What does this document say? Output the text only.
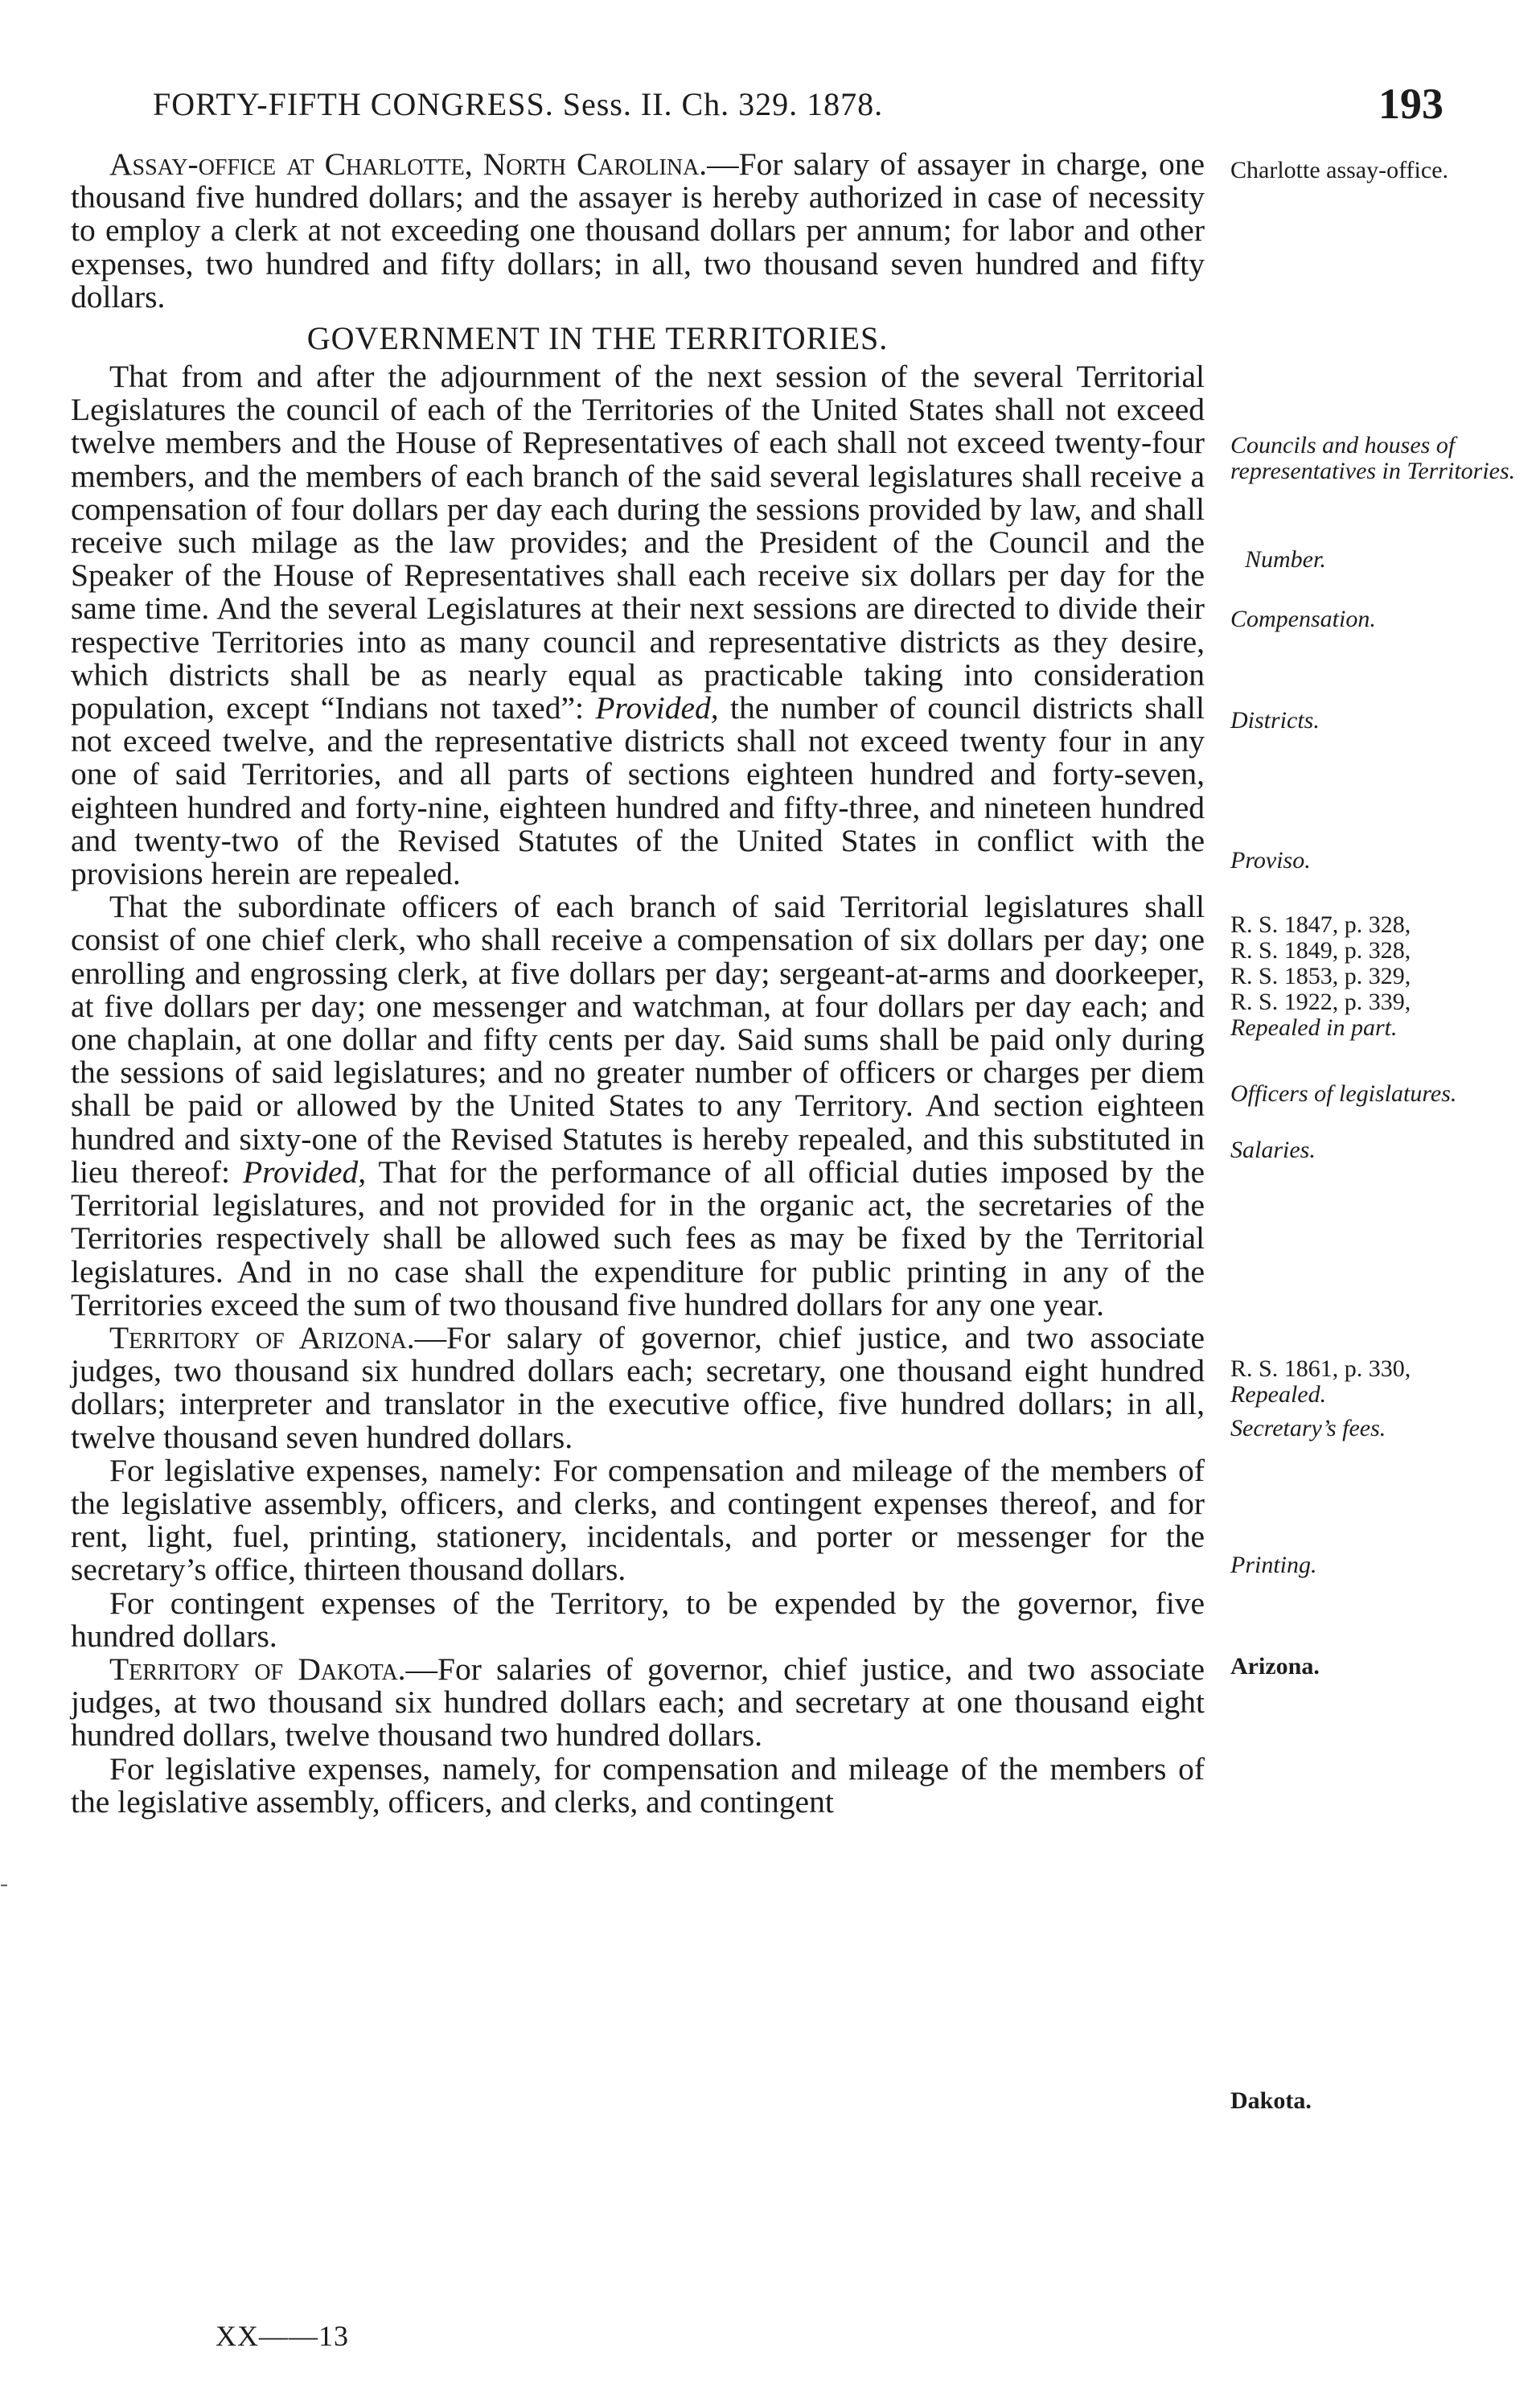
FORTY-FIFTH CONGRESS. Sess. II. Ch. 329. 1878.	193

Assay-office at Charlotte, North Carolina.—For salary of assayer in charge, one thousand five hundred dollars; and the assayer is hereby authorized in case of necessity to employ a clerk at not exceeding one thousand dollars per annum; for labor and other expenses, two hundred and fifty dollars; in all, two thousand seven hundred and fifty dollars.

GOVERNMENT IN THE TERRITORIES.

That from and after the adjournment of the next session of the several Territorial Legislatures the council of each of the Territories of the United States shall not exceed twelve members and the House of Representatives of each shall not exceed twenty-four members, and the members of each branch of the said several legislatures shall receive a compensation of four dollars per day each during the sessions provided by law, and shall receive such milage as the law provides; and the President of the Council and the Speaker of the House of Representatives shall each receive six dollars per day for the same time. And the several Legislatures at their next sessions are directed to divide their respective Territories into as many council and representative districts as they desire, which districts shall be as nearly equal as practicable taking into consideration population, except “Indians not taxed”: Provided, the number of council districts shall not exceed twelve, and the representative districts shall not exceed twenty four in any one of said Territories, and all parts of sections eighteen hundred and forty-seven, eighteen hundred and forty-nine, eighteen hundred and fifty-three, and nineteen hundred and twenty-two of the Revised Statutes of the United States in conflict with the provisions herein are repealed.

That the subordinate officers of each branch of said Territorial legislatures shall consist of one chief clerk, who shall receive a compensation of six dollars per day; one enrolling and engrossing clerk, at five dollars per day; sergeant-at-arms and doorkeeper, at five dollars per day; one messenger and watchman, at four dollars per day each; and one chaplain, at one dollar and fifty cents per day. Said sums shall be paid only during the sessions of said legislatures; and no greater number of officers or charges per diem shall be paid or allowed by the United States to any Territory. And section eighteen hundred and sixty-one of the Revised Statutes is hereby repealed, and this substituted in lieu thereof: Provided, That for the performance of all official duties imposed by the Territorial legislatures, and not provided for in the organic act, the secretaries of the Territories respectively shall be allowed such fees as may be fixed by the Territorial legislatures. And in no case shall the expenditure for public printing in any of the Territories exceed the sum of two thousand five hundred dollars for any one year.

Territory of Arizona.—For salary of governor, chief justice, and two associate judges, two thousand six hundred dollars each; secretary, one thousand eight hundred dollars; interpreter and translator in the executive office, five hundred dollars; in all, twelve thousand seven hundred dollars.

For legislative expenses, namely: For compensation and mileage of the members of the legislative assembly, officers, and clerks, and contingent expenses thereof, and for rent, light, fuel, printing, stationery, incidentals, and porter or messenger for the secretary’s office, thirteen thousand dollars.

For contingent expenses of the Territory, to be expended by the governor, five hundred dollars.

Territory of Dakota.—For salaries of governor, chief justice, and two associate judges, at two thousand six hundred dollars each; and secretary at one thousand eight hundred dollars, twelve thousand two hundred dollars.

For legislative expenses, namely, for compensation and mileage of the members of the legislative assembly, officers, and clerks, and contingent

Charlotte assay-office.
Councils and houses of representatives in Territories.
Number.
Compensation.
Districts.
Proviso.
R. S. 1847, p. 328,
R. S. 1849, p. 328,
R. S. 1853, p. 329,
R. S. 1922, p. 339,
Repealed in part.
Officers of legislatures.
Salaries.
R. S. 1861, p. 330,
Repealed.
Secretary’s fees.
Printing.
Arizona.
Dakota.
XX——13
-
